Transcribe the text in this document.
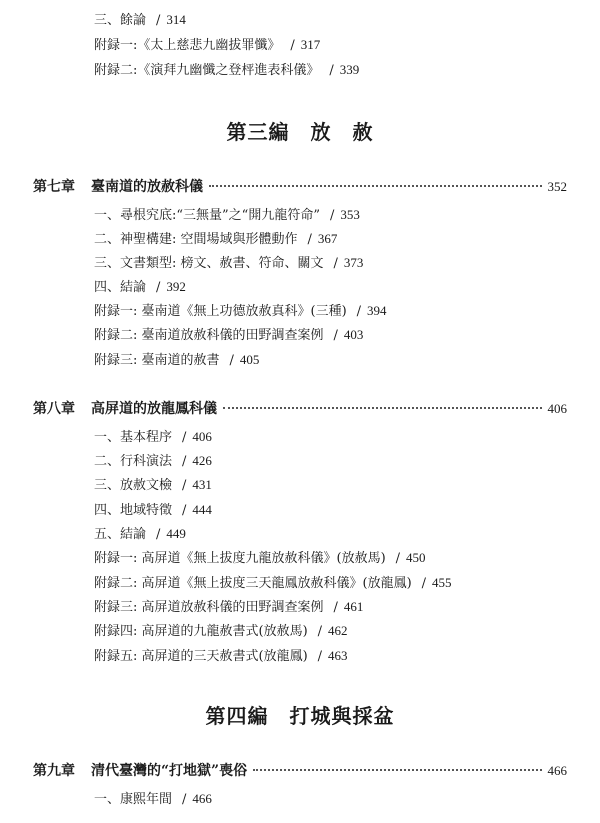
三、餘論 / 314
附録一:《太上慈悲九幽拔罪懺》 / 317
附録二:《演拜九幽懺之登枰進表科儀》 / 339
第三編　放　赦
第七章	臺南道的放赦科儀	352
一、尋根究底:“三無量”之“開九龍符命” / 353
二、神聖構建: 空間場域與形體動作 / 367
三、文書類型: 榜文、赦書、符命、關文 / 373
四、結論 / 392
附録一: 臺南道《無上功德放赦真科》(三種) / 394
附録二: 臺南道放赦科儀的田野調查案例 / 403
附録三: 臺南道的赦書 / 405
第八章	高屏道的放龍鳳科儀	406
一、基本程序 / 406
二、行科演法 / 426
三、放赦文檢 / 431
四、地域特徵 / 444
五、結論 / 449
附録一: 高屏道《無上拔度九龍放赦科儀》(放赦馬) / 450
附録二: 高屏道《無上拔度三天龍鳳放赦科儀》(放龍鳳) / 455
附録三: 高屏道放赦科儀的田野調查案例 / 461
附録四: 高屏道的九龍赦書式(放赦馬) / 462
附録五: 高屏道的三天赦書式(放龍鳳) / 463
第四編　打城與採盆
第九章	清代臺灣的“打地獄”喪俗	466
一、康熙年間 / 466
